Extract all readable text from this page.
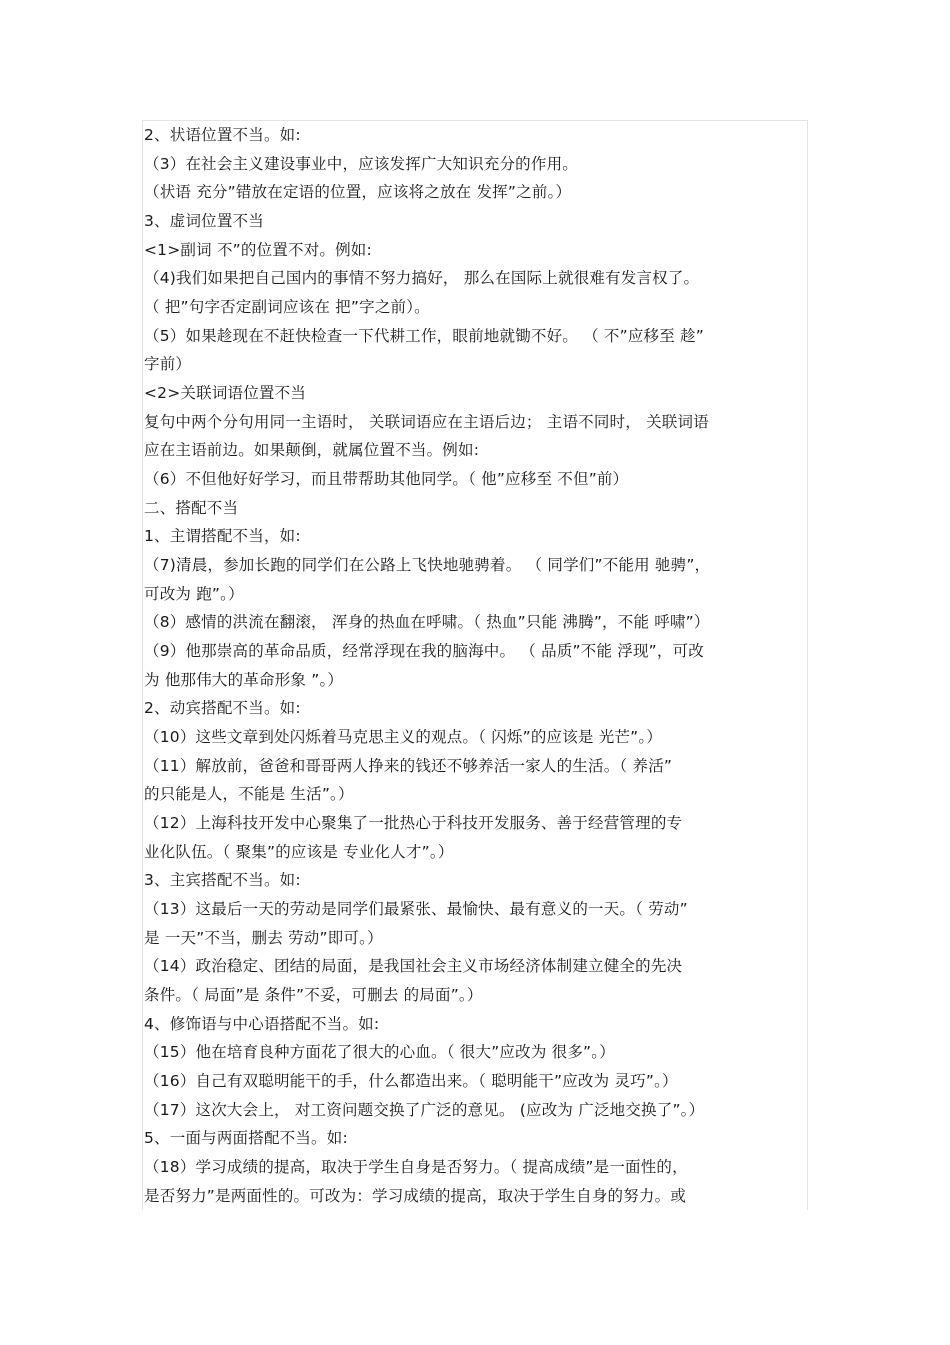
2、状语位置不当。如:
（3）在社会主义建设事业中，应该发挥广大知识充分的作用。
（状语 充分”错放在定语的位置，应该将之放在 发挥”之前。）
3、虚词位置不当
<1>副词 不”的位置不对。例如:
（4)我们如果把自己国内的事情不努力搞好， 那么在国际上就很难有发言权了。
（ 把”句字否定副词应该在 把”字之前）。
（5）如果趁现在不赶快检查一下代耕工作，眼前地就锄不好。 （ 不”应移至 趁”
字前）
<2>关联词语位置不当
复句中两个分句用同一主语时， 关联词语应在主语后边； 主语不同时， 关联词语
应在主语前边。如果颠倒，就属位置不当。例如:
（6）不但他好好学习，而且带帮助其他同学。（ 他”应移至 不但”前）
二、搭配不当
1、主谓搭配不当，如:
（7)清晨，参加长跑的同学们在公路上飞快地驰骋着。 （ 同学们”不能用 驰骋”，
可改为 跑”。）
（8）感情的洪流在翻滚， 浑身的热血在呼啸。（ 热血”只能 沸腾”，不能 呼啸”）
（9）他那崇高的革命品质，经常浮现在我的脑海中。 （ 品质”不能 浮现”，可改
为 他那伟大的革命形象 ”。）
2、动宾搭配不当。如:
（10）这些文章到处闪烁着马克思主义的观点。（ 闪烁”的应该是 光芒”。）
（11）解放前，爸爸和哥哥两人挣来的钱还不够养活一家人的生活。（ 养活”
的只能是人，不能是 生活”。）
（12）上海科技开发中心聚集了一批热心于科技开发服务、善于经营管理的专
业化队伍。（ 聚集”的应该是 专业化人才”。）
3、主宾搭配不当。如:
（13）这最后一天的劳动是同学们最紧张、最愉快、最有意义的一天。（ 劳动”
是 一天”不当，删去 劳动”即可。）
（14）政治稳定、团结的局面，是我国社会主义市场经济体制建立健全的先决
条件。（ 局面”是 条件”不妥，可删去 的局面”。）
4、修饰语与中心语搭配不当。如:
（15）他在培育良种方面花了很大的心血。（ 很大”应改为 很多”。）
（16）自己有双聪明能干的手，什么都造出来。（ 聪明能干”应改为 灵巧”。）
（17）这次大会上， 对工资问题交换了广泛的意见。 (应改为 广泛地交换了”。）
5、一面与两面搭配不当。如:
（18）学习成绩的提高，取决于学生自身是否努力。（ 提高成绩”是一面性的，
是否努力”是两面性的。可改为：学习成绩的提高，取决于学生自身的努力。或
